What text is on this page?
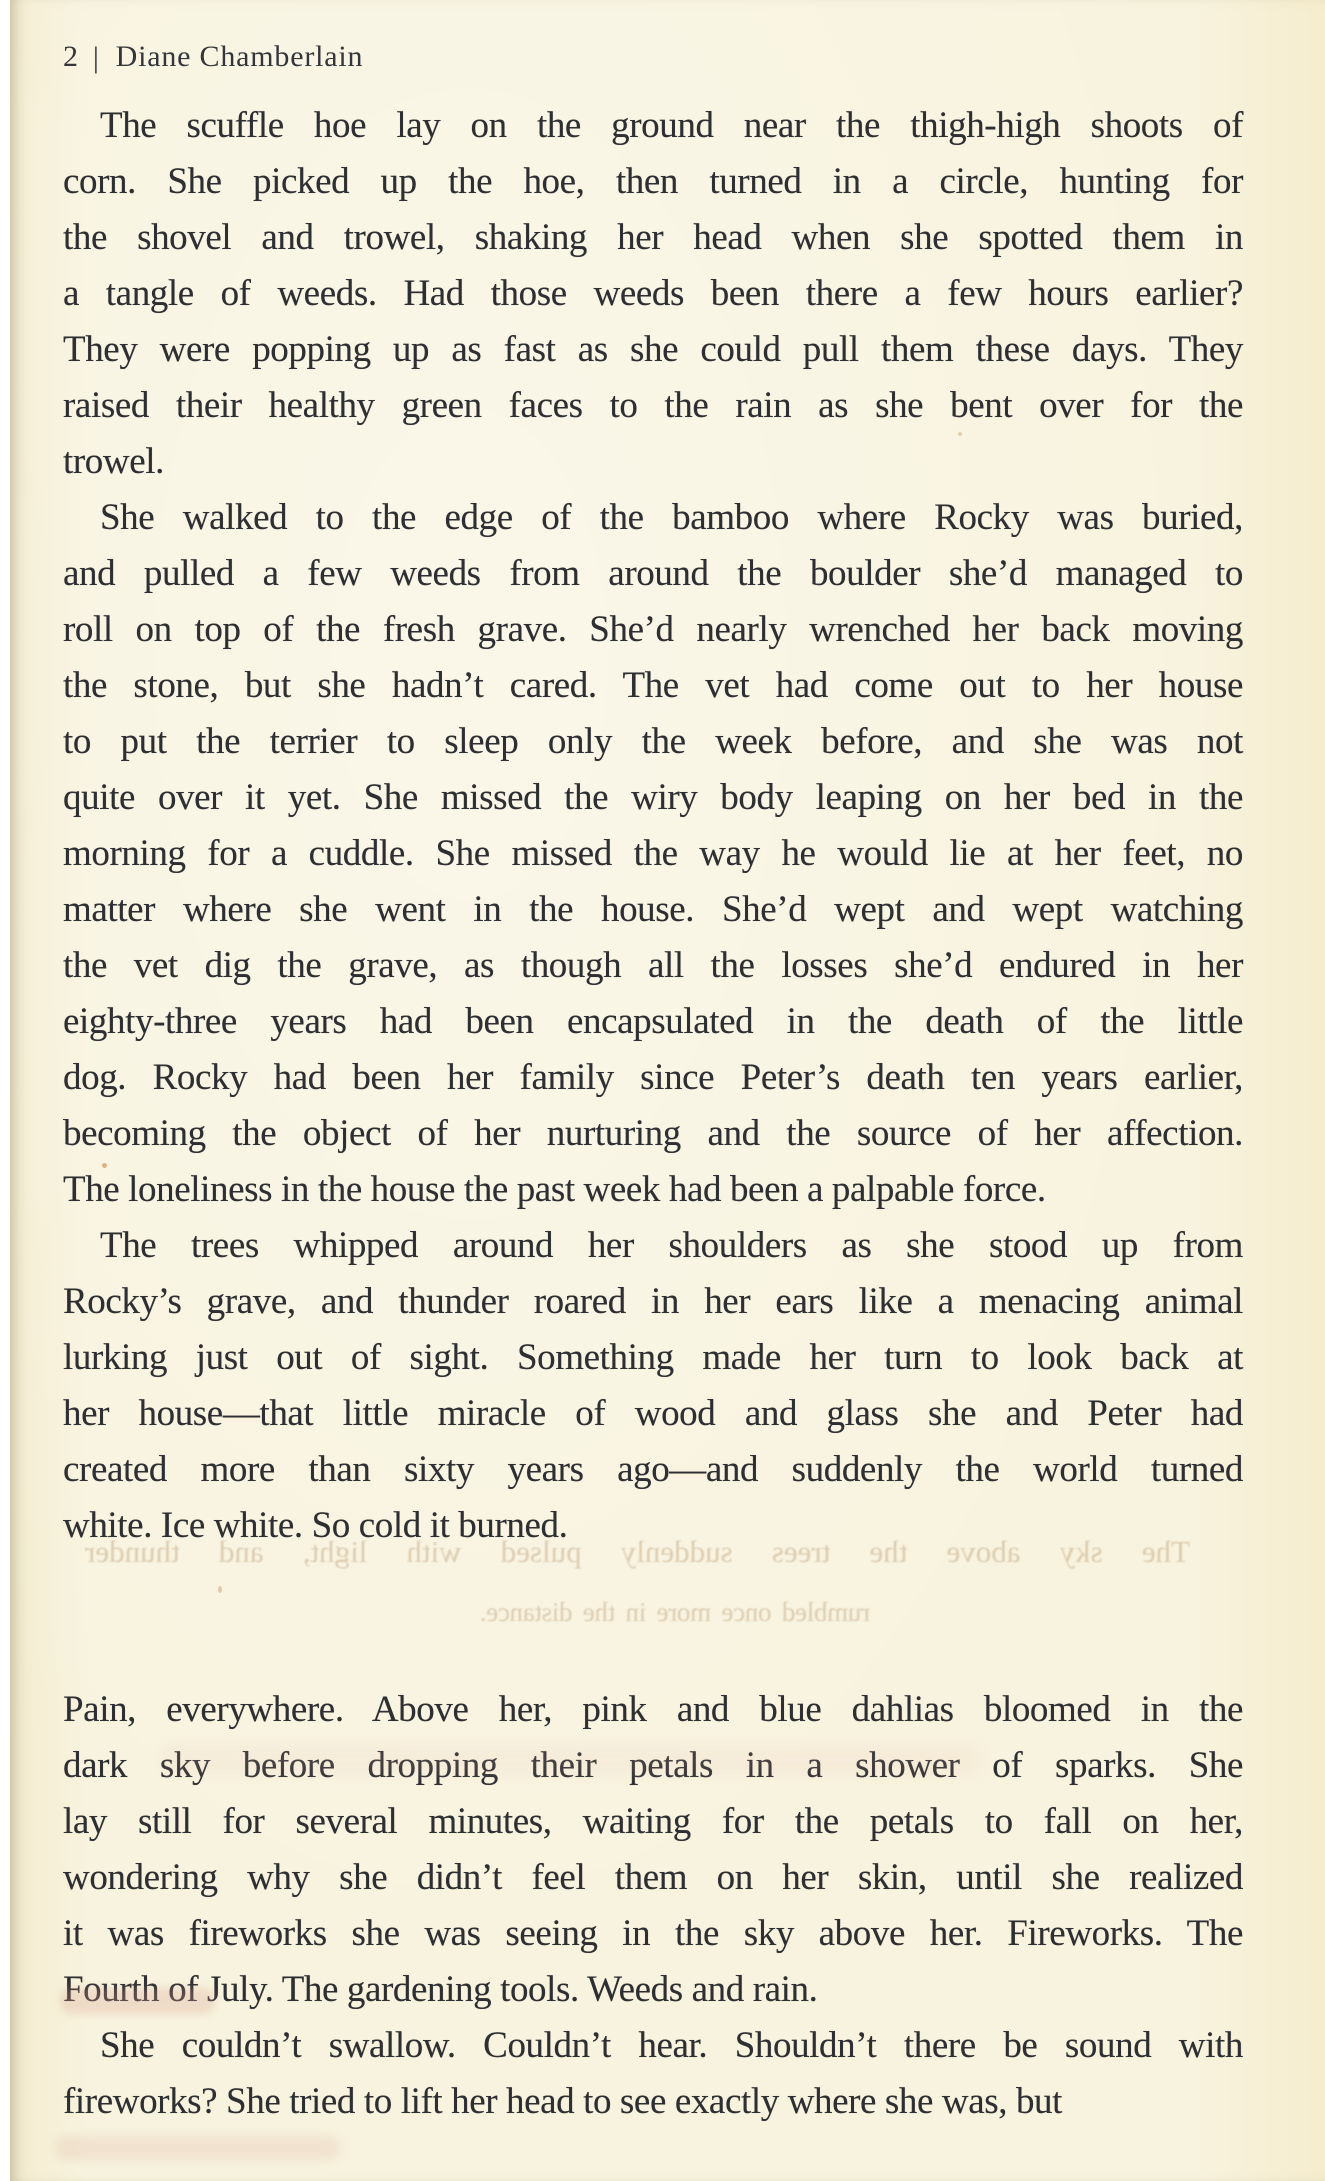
2 | Diane Chamberlain
The scuffle hoe lay on the ground near the thigh-high shoots of
corn. She picked up the hoe, then turned in a circle, hunting for
the shovel and trowel, shaking her head when she spotted them in
a tangle of weeds. Had those weeds been there a few hours earlier?
They were popping up as fast as she could pull them these days. They
raised their healthy green faces to the rain as she bent over for the
trowel.
She walked to the edge of the bamboo where Rocky was buried,
and pulled a few weeds from around the boulder she’d managed to
roll on top of the fresh grave. She’d nearly wrenched her back moving
the stone, but she hadn’t cared. The vet had come out to her house
to put the terrier to sleep only the week before, and she was not
quite over it yet. She missed the wiry body leaping on her bed in the
morning for a cuddle. She missed the way he would lie at her feet, no
matter where she went in the house. She’d wept and wept watching
the vet dig the grave, as though all the losses she’d endured in her
eighty-three years had been encapsulated in the death of the little
dog. Rocky had been her family since Peter’s death ten years earlier,
becoming the object of her nurturing and the source of her affection.
The loneliness in the house the past week had been a palpable force.
The trees whipped around her shoulders as she stood up from
Rocky’s grave, and thunder roared in her ears like a menacing animal
lurking just out of sight. Something made her turn to look back at
her house—that little miracle of wood and glass she and Peter had
created more than sixty years ago—and suddenly the world turned
white. Ice white. So cold it burned.
Pain, everywhere. Above her, pink and blue dahlias bloomed in the
dark sky before dropping their petals in a shower of sparks. She
lay still for several minutes, waiting for the petals to fall on her,
wondering why she didn’t feel them on her skin, until she realized
it was fireworks she was seeing in the sky above her. Fireworks. The
Fourth of July. The gardening tools. Weeds and rain.
She couldn’t swallow. Couldn’t hear. Shouldn’t there be sound with
fireworks? She tried to lift her head to see exactly where she was, but
The sky above the trees suddenly pulsed with light, and thunder
rumbled once more in the distance.
